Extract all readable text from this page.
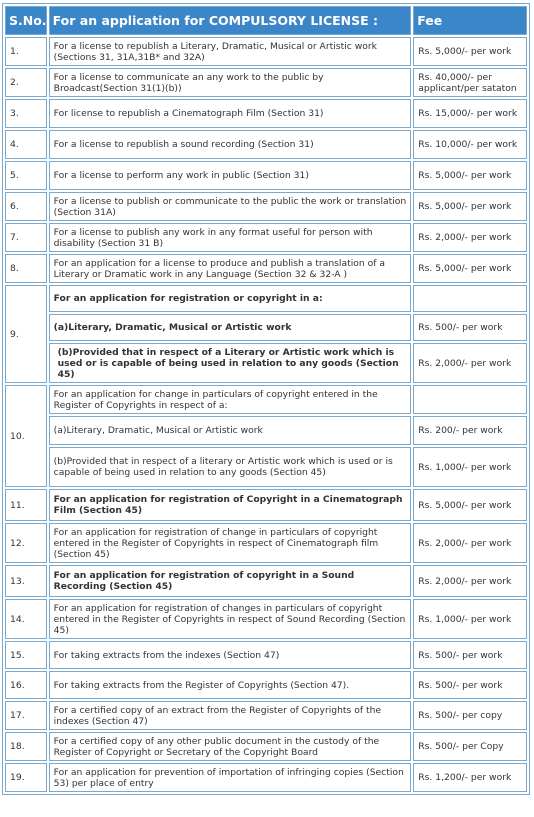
S.No.	For an application for COMPULSORY LICENSE :	Fee
1.	For a license to republish a Literary, Dramatic, Musical or Artistic work (Sections 31, 31A,31B* and 32A)	Rs. 5,000/- per work
2.	For a license to communicate an any work to the public by Broadcast(Section 31(1)(b))	Rs. 40,000/- per applicant/per sataton
3.	For license to republish a Cinematograph Film (Section 31)	Rs. 15,000/- per work
4.	For a license to republish a sound recording (Section 31)	Rs. 10,000/- per work
5.	For a license to perform any work in public (Section 31)	Rs. 5,000/- per work
6.	For a license to publish or communicate to the public the work or translation (Section 31A)	Rs. 5,000/- per work
7.	For a license to publish any work in any format useful for person with disability (Section 31 B)	Rs. 2,000/- per work
8.	For an application for a license to produce and publish a translation of a Literary or Dramatic work in any Language (Section 32 & 32-A )	Rs. 5,000/- per work
9.	For an application for registration or copyright in a:	
	(a)Literary, Dramatic, Musical or Artistic work	Rs. 500/- per work
	(b)Provided that in respect of a Literary or Artistic work which is used or is capable of being used in relation to any goods (Section 45)	Rs. 2,000/- per work
10.	For an application for change in particulars of copyright entered in the Register of Copyrights in respect of a:	
	(a)Literary, Dramatic, Musical or Artistic work	Rs. 200/- per work
	(b)Provided that in respect of a literary or Artistic work which is used or is capable of being used in relation to any goods (Section 45)	Rs. 1,000/- per work
11.	For an application for registration of Copyright in a Cinematograph Film (Section 45)	Rs. 5,000/- per work
12.	For an application for registration of change in particulars of copyright entered in the Register of Copyrights in respect of Cinematograph film (Section 45)	Rs. 2,000/- per work
13.	For an application for registration of copyright in a Sound Recording (Section 45)	Rs. 2,000/- per work
14.	For an application for registration of changes in particulars of copyright entered in the Register of Copyrights in respect of Sound Recording (Section 45)	Rs. 1,000/- per work
15.	For taking extracts from the indexes (Section 47)	Rs. 500/- per work
16.	For taking extracts from the Register of Copyrights (Section 47).	Rs. 500/- per work
17.	For a certified copy of an extract from the Register of Copyrights of the indexes (Section 47)	Rs. 500/- per copy
18.	For a certified copy of any other public document in the custody of the Register of Copyright or Secretary of the Copyright Board	Rs. 500/- per Copy
19.	For an application for prevention of importation of infringing copies (Section 53) per place of entry	Rs. 1,200/- per work
